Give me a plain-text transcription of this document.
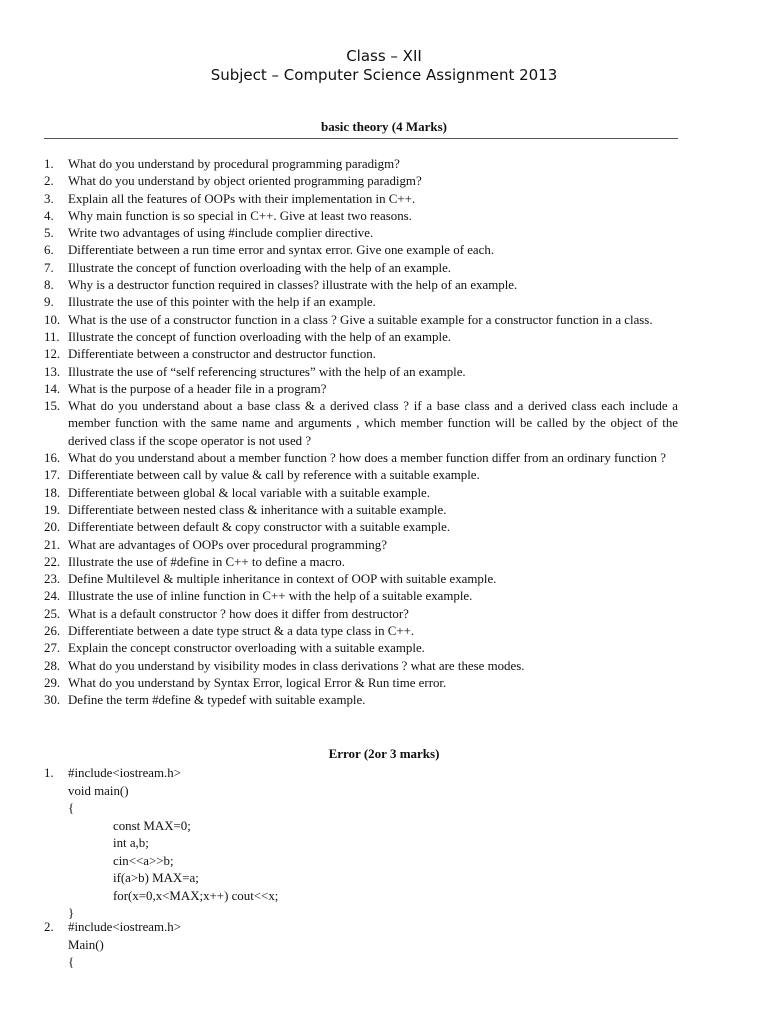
Class – XII
Subject – Computer Science Assignment 2013
basic theory (4 Marks)
1. What do you understand by procedural programming paradigm?
2. What do you understand by object oriented programming paradigm?
3. Explain all the features of OOPs with their implementation in C++.
4. Why main function is so special in C++. Give at least two reasons.
5. Write two advantages of using #include complier directive.
6. Differentiate between a run time error and syntax error. Give one example of each.
7. Illustrate the concept of function overloading with the help of an example.
8. Why is a destructor function required in classes? illustrate with the help of an example.
9. Illustrate the use of this pointer with the help if an example.
10. What is the use of a constructor function in a class ? Give a suitable example for a constructor function in a class.
11. Illustrate the concept of function overloading with the help of an example.
12. Differentiate between a constructor and destructor function.
13. Illustrate the use of “self referencing structures” with the help of an example.
14. What is the purpose of a header file in a program?
15. What do you understand about a base class & a derived class ? if a base class and a derived class each include a member function with the same name and arguments , which member function will be called by the object of the derived class if the scope operator is not used ?
16. What do you understand about a member function ? how does a member function differ from an ordinary function ?
17. Differentiate between call by value & call by reference with a suitable example.
18. Differentiate between global & local variable with a suitable example.
19. Differentiate between nested class & inheritance with a suitable example.
20. Differentiate between default & copy constructor with a suitable example.
21. What are advantages of OOPs over procedural programming?
22. Illustrate the use of #define in C++ to define a macro.
23. Define Multilevel & multiple inheritance in context of OOP with suitable example.
24. Illustrate the use of inline function in C++ with the help of a suitable example.
25. What is a default constructor ? how does it differ from destructor?
26. Differentiate between a date type struct & a data type class in C++.
27. Explain the concept constructor overloading with a suitable example.
28. What do you understand by visibility modes in class derivations ? what are these modes.
29. What do you understand by Syntax Error, logical Error & Run time error.
30. Define the term #define & typedef with suitable example.
Error (2or 3 marks)
1. #include<iostream.h>
void main()
{
const MAX=0;
int a,b;
cin<<a>>b;
if(a>b) MAX=a;
for(x=0,x<MAX;x++) cout<<x;
}
2. #include<iostream.h>
Main()
{
